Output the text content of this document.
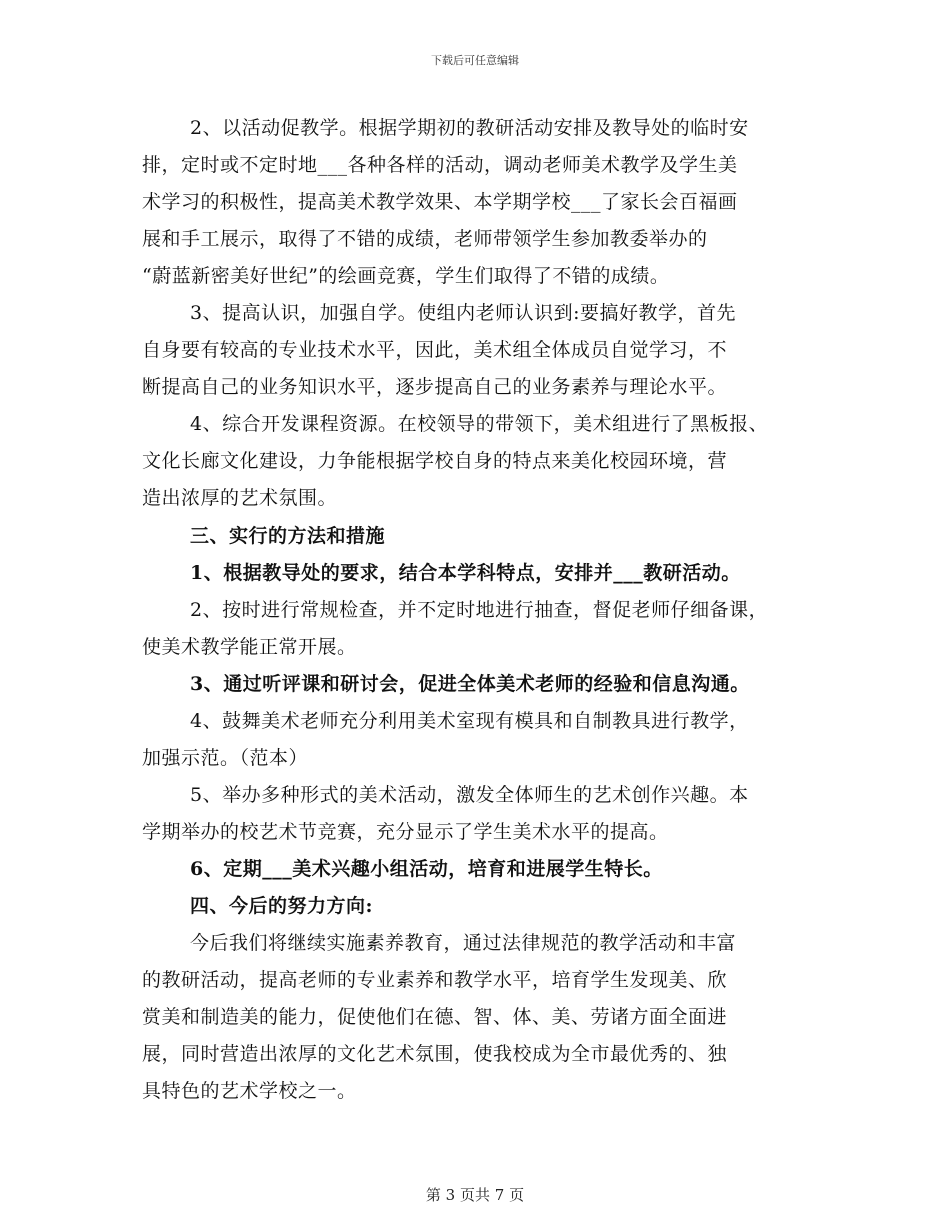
下载后可任意编辑
2、以活动促教学。根据学期初的教研活动安排及教导处的临时安
排，定时或不定时地___各种各样的活动，调动老师美术教学及学生美
术学习的积极性，提高美术教学效果、本学期学校___了家长会百福画
展和手工展示，取得了不错的成绩，老师带领学生参加教委举办的
“蔚蓝新密美好世纪”的绘画竞赛，学生们取得了不错的成绩。
3、提高认识，加强自学。使组内老师认识到:要搞好教学，首先
自身要有较高的专业技术水平，因此，美术组全体成员自觉学习，不
断提高自己的业务知识水平，逐步提高自己的业务素养与理论水平。
4、综合开发课程资源。在校领导的带领下，美术组进行了黑板报、
文化长廊文化建设，力争能根据学校自身的特点来美化校园环境，营
造出浓厚的艺术氛围。
三、实行的方法和措施
1、根据教导处的要求，结合本学科特点，安排并___教研活动。
2、按时进行常规检查，并不定时地进行抽查，督促老师仔细备课，
使美术教学能正常开展。
3、通过听评课和研讨会，促进全体美术老师的经验和信息沟通。
4、鼓舞美术老师充分利用美术室现有模具和自制教具进行教学，
加强示范。（范本）
5、举办多种形式的美术活动，激发全体师生的艺术创作兴趣。本
学期举办的校艺术节竞赛，充分显示了学生美术水平的提高。
6、定期___美术兴趣小组活动，培育和进展学生特长。
四、今后的努力方向:
今后我们将继续实施素养教育，通过法律规范的教学活动和丰富
的教研活动，提高老师的专业素养和教学水平，培育学生发现美、欣
赏美和制造美的能力，促使他们在德、智、体、美、劳诸方面全面进
展，同时营造出浓厚的文化艺术氛围，使我校成为全市最优秀的、独
具特色的艺术学校之一。
第 3 页共 7 页
